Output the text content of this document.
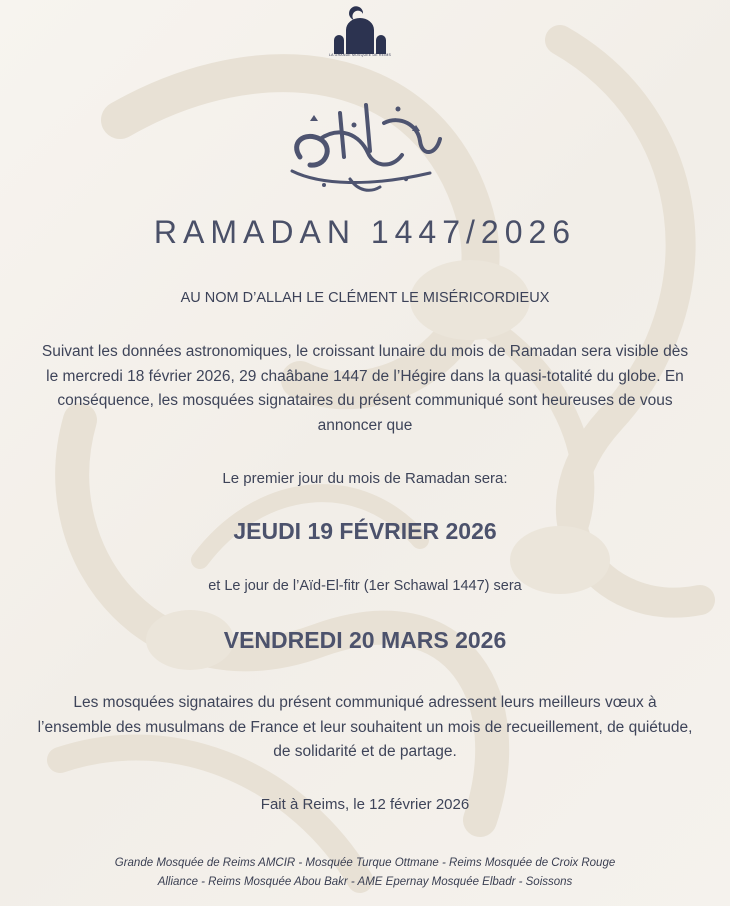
LA GRANDE MOSQUÉE DE REIMS
RAMADAN 1447/2026
AU NOM D’ALLAH LE CLÉMENT LE MISÉRICORDIEUX
Suivant les données astronomiques, le croissant lunaire du mois de Ramadan sera visible dès le mercredi 18 février 2026, 29 chaâbane 1447 de l’Hégire dans la quasi-totalité du globe. En conséquence, les mosquées signataires du présent communiqué sont heureuses de vous annoncer que
Le premier jour du mois de Ramadan sera:
JEUDI 19 FÉVRIER 2026
et Le jour de l’Aïd-El-fitr (1er Schawal 1447) sera
VENDREDI 20 MARS 2026
Les mosquées signataires du présent communiqué adressent leurs meilleurs vœux à l’ensemble des musulmans de France et leur souhaitent un mois de recueillement, de quiétude, de solidarité et de partage.
Fait à Reims, le 12 février 2026
Grande Mosquée de Reims AMCIR - Mosquée Turque Ottmane - Reims Mosquée de Croix Rouge
Alliance - Reims Mosquée Abou Bakr - AME Epernay Mosquée Elbadr - Soissons
